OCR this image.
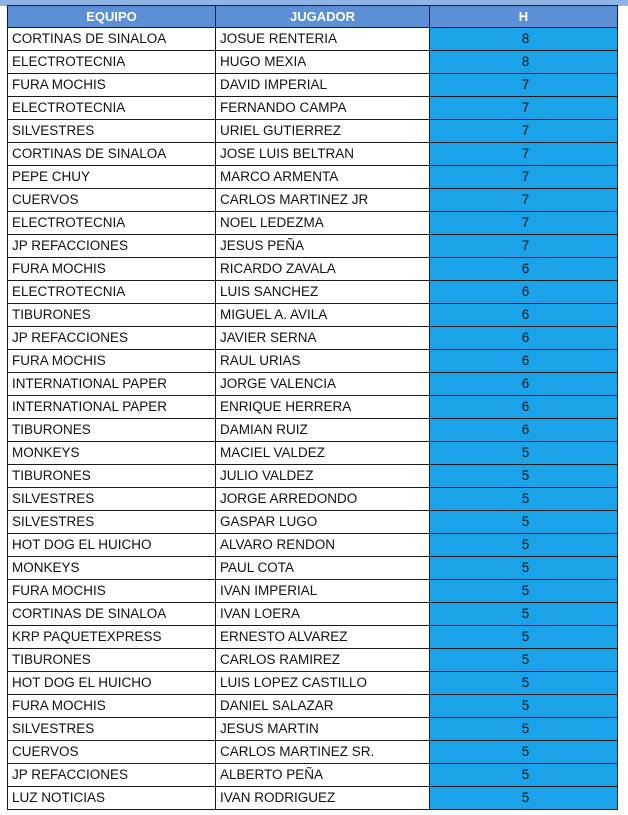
EQUIPO	JUGADOR	H
CORTINAS DE SINALOA	JOSUE RENTERIA	8
ELECTROTECNIA	HUGO MEXIA	8
FURA MOCHIS	DAVID IMPERIAL	7
ELECTROTECNIA	FERNANDO CAMPA	7
SILVESTRES	URIEL GUTIERREZ	7
CORTINAS DE SINALOA	JOSE LUIS BELTRAN	7
PEPE CHUY	MARCO ARMENTA	7
CUERVOS	CARLOS MARTINEZ JR	7
ELECTROTECNIA	NOEL LEDEZMA	7
JP REFACCIONES	JESUS PEÑA	7
FURA MOCHIS	RICARDO ZAVALA	6
ELECTROTECNIA	LUIS SANCHEZ	6
TIBURONES	MIGUEL A. AVILA	6
JP REFACCIONES	JAVIER SERNA	6
FURA MOCHIS	RAUL URIAS	6
INTERNATIONAL PAPER	JORGE VALENCIA	6
INTERNATIONAL PAPER	ENRIQUE HERRERA	6
TIBURONES	DAMIAN RUIZ	6
MONKEYS	MACIEL VALDEZ	5
TIBURONES	JULIO VALDEZ	5
SILVESTRES	JORGE ARREDONDO	5
SILVESTRES	GASPAR LUGO	5
HOT DOG EL HUICHO	ALVARO RENDON	5
MONKEYS	PAUL COTA	5
FURA MOCHIS	IVAN IMPERIAL	5
CORTINAS DE SINALOA	IVAN LOERA	5
KRP PAQUETEXPRESS	ERNESTO ALVAREZ	5
TIBURONES	CARLOS RAMIREZ	5
HOT DOG EL HUICHO	LUIS LOPEZ CASTILLO	5
FURA MOCHIS	DANIEL SALAZAR	5
SILVESTRES	JESUS MARTIN	5
CUERVOS	CARLOS MARTINEZ SR.	5
JP REFACCIONES	ALBERTO PEÑA	5
LUZ NOTICIAS	IVAN RODRIGUEZ	5
